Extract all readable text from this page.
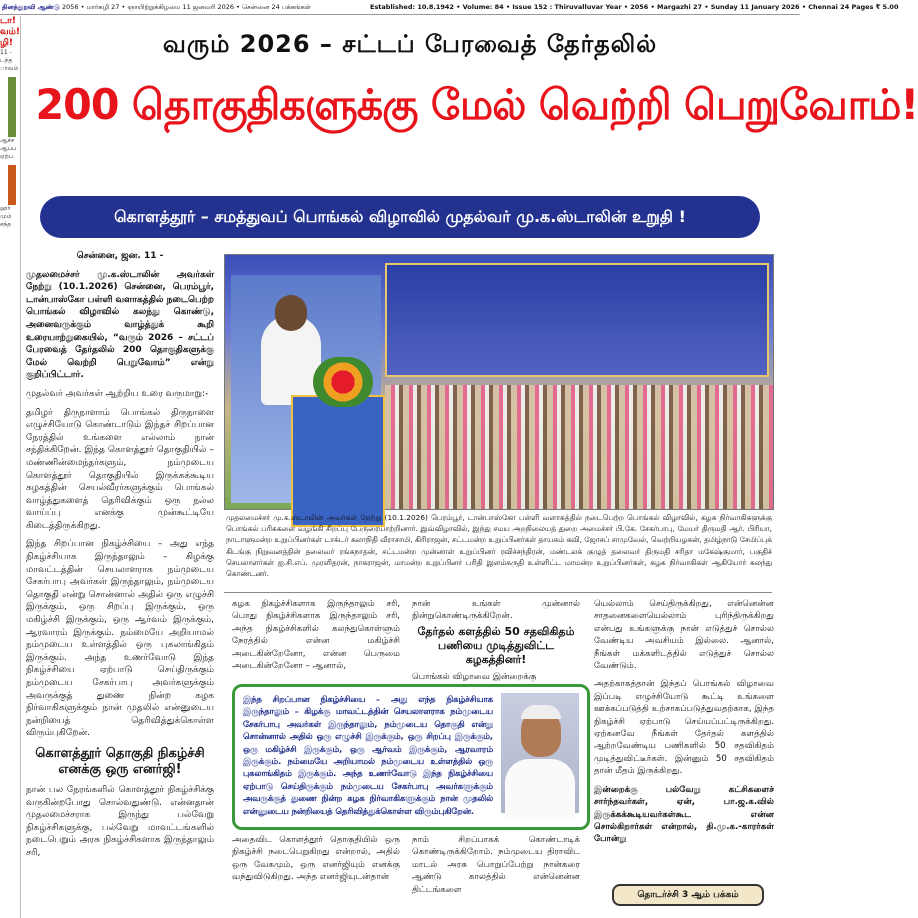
தினத்துறவி ஆண்டு 2056 • மார்கழி 27 • ஞாயிற்றுக்கிழமை 11 ஜனவரி 2026 • சென்னை 24 பக்கங்கள்	Established: 10.8.1942 • Volume: 84 • Issue 152 : Thiruvalluvar Year • 2056 • Margazhi 27 • Sunday 11 January 2026 • Chennai 24 Pages ₹ 5.00
டா!
வம்!
ழி!
11 -
டந்த
ாவம்
ஆச்ச
ஆப்ப
ஏற்ப
ஹர்
மும்
சந்த
வரும் 2026 – சட்டப் பேரவைத் தேர்தலில்
200 தொகுதிகளுக்கு மேல் வெற்றி பெறுவோம்!
கொளத்தூர் – சமத்துவப் பொங்கல் விழாவில் முதல்வர் மு.க.ஸ்டாலின் உறுதி !

சென்னை, ஜன. 11 -

முதலமைச்சர் மு.க.ஸ்டாலின் அவர்கள் நேற்று (10.1.2026) சென்னை, பெரம்பூர், டான்பாஸ்கோ பள்ளி வளாகத்தில் நடைபெற்ற பொங்கல் விழாவில் கலந்து கொண்டு, அனைவருக்கும் வாழ்த்துக் கூறி உரையாற்றுகையில், “வரும் 2026 – சட்டப் பேரவைத் தேர்தலில் 200 தொகுதிகளுக்கு மேல் வெற்றி பெறுவோம்” என்று குறிப்பிட்டார்.

முதல்வர் அவர்கள் ஆற்றிய உரை வருமாறு:-

தமிழர் திருநாளாம் பொங்கல் திருநாளை எழுச்சியோடு கொண்டாடும் இந்தச் சிறப்பான நேரத்தில் உங்களை எல்லாம் நான் சந்திக்கிறேன். இந்த கொளத்தூர் தொகுதியில் – மண்ணின்மைந்தர்களும், நம்முடைய கொளத்தூர் தொகுதியில் இருக்கக்கூடிய கழகத்தின் செயல்வீரர்களுக்கும் பொங்கல் வாழ்த்துகளைத் தெரிவிக்கும் ஒரு நல்ல வாய்ப்பு எனக்கு முன்கூட்டியே கிடைத்திருக்கிறது.

இந்த சிறப்பான நிகழ்ச்சியை – அது எந்த நிகழ்ச்சியாக இருந்தாலும் – கிழக்கு மாவட்டத்தின் செயலாளராக நம்முடைய சேகர்பாபு அவர்கள் இருந்தாலும், நம்முடைய தொகுதி என்று சொன்னால் அதில் ஒரு எழுச்சி இருக்கும், ஒரு சிறப்பு இருக்கும், ஒரு மகிழ்ச்சி இருக்கும், ஒரு ஆர்வம் இருக்கும், ஆரவாரம் இருக்கும். நம்மையே அறியாமல் நம்முடைய உள்ளத்தில் ஒரு புகலாங்கிதம் இருக்கும். அந்த உணர்வோடு இந்த நிகழ்ச்சியை ஏற்பாடு செய்திருக்கும் நம்முடைய சேகர்பாபு அவர்களுக்கும் அவருக்குத் துணை நின்ற கழக நிர்வாகிகளுக்கும் நான் முதலில் என்னுடைய நன்றியைத் தெரிவித்துக்கொள்ள விரும்புகிறேன்.

கொளத்தூர் தொகுதி நிகழ்ச்சி எனக்கு ஒரு எனர்ஜி!

நான் பல நேரங்களில் கொளத்தூர் நிகழ்ச்சிக்கு வருகின்றபோது சொல்வதுண்டு. என்னதான் முதலமைச்சராக இருந்து பல்வேறு நிகழ்ச்சிகளுக்கு, பல்வேறு மாவட்டங்களில் நடைபெறும் அரசு நிகழ்ச்சிகளாக இருந்தாலும் சரி,

முதலமைச்சர் மு.க.ஸ்டாலின் அவர்கள் நேற்று (10.1.2026) பெரம்பூர், டான்பாஸ்கோ பள்ளி வளாகத்தில் நடைபெற்ற பொங்கல் விழாவில், கழக நிர்வாகிகளுக்கு பொங்கல் பரிசுகளை வழங்கி சிறப்பு பேருரையாற்றினார். இவ்விழாவில், இந்து சமய அறநிலையத் துறை அமைச்சர் பி.கே. சேகர்பாபு, மேயர் திருமதி ஆர். பிரியா, நாடாளுமன்ற உறுப்பினர்கள் டாக்டர் கலாநிதி வீராசாமி, கிரிராஜன், சட்டமன்ற உறுப்பினர்கள் தாயகம் கவி, ஜோசப் சாமுவேல், வெற்றியழகன், தமிழ்நாடு சேமிப்புக் கிடங்கு நிறுவனத்தின் தலைவர் ரங்கநாதன், சட்டமன்ற முன்னாள் உறுப்பினர் ரவிச்சந்திரன், மண்டலக் குழுத் தலைவர் திருமதி சரிதா மகேஷ்குமார், பகுதிச் செயலாளர்கள் ஐ.சி.எப். முரளிதரன், நாகராஜன், மாமன்ற உறுப்பினர் பரிதி இளம்சுருதி உள்ளிட்ட மாமன்ற உறுப்பினர்கள், கழக நிர்வாகிகள் ஆகியோர் கலந்து கொண்டனர்.
கழக நிகழ்ச்சிகளாக இருந்தாலும் சரி, பொது நிகழ்ச்சிகளாக இருந்தாலும் சரி, அந்த நிகழ்ச்சிகளில் கலந்துகொள்ளும் நேரத்தில் என்ன மகிழ்ச்சி அடைகின்றேனோ, என்ன பெருமை அடைகின்றேனோ – ஆனால்,
நான் உங்கள் முன்னால் நின்றுகொண்டிருக்கிறேன்.
தேர்தல் களத்தில் 50 சதவிகிதம் பணியை முடித்துவிட்ட கழகத்தினர்!
பொங்கல் விழாவை இன்றைக்கு

யெல்லாம் செய்திருக்கிறது, என்னென்ன சாதனைகளையெல்லாம் புரிந்திருக்கிறது என்பது உங்களுக்கு நான் எடுத்துச் சொல்ல வேண்டிய அவசியம் இல்லை. ஆனால், நீங்கள் மக்களிடத்தில் எடுத்துச் சொல்ல வேண்டும்.

அதற்காகத்தான் இந்தப் பொங்கல் விழாவை இப்படி எழுச்சியோடு கூட்டி உங்களை ஊக்கப்படுத்தி உற்சாகப்படுத்துவதற்காக, இந்த நிகழ்ச்சி ஏற்பாடு செய்யப்பட்டிருக்கிறது. ஏற்கனவே நீங்கள் தேர்தல் களத்தில் ஆற்றவேண்டிய பணிகளில் 50 சதவிகிதம் முடித்துவிட்டீர்கள். இன்னும் 50 சதவிகிதம் தான் மீதம் இருக்கிறது.

இன்றைக்கு பல்வேறு கட்சிகளைச் சார்ந்தவர்கள், ஏன், பா.ஜ.க.வில் இருக்கக்கூடியவர்கள்கூட என்ன சொல்கிறார்கள் என்றால், தி.மு.க.-காரர்கள் போன்று

இந்த சிறப்பான நிகழ்ச்சியை – அது எந்த நிகழ்ச்சியாக இருந்தாலும் – கிழக்கு மாவட்டத்தின் செயலாளராக நம்முடைய சேகர்பாபு அவர்கள் இருந்தாலும், நம்முடைய தொகுதி என்று சொன்னால் அதில் ஒரு எழுச்சி இருக்கும், ஒரு சிறப்பு இருக்கும், ஒரு மகிழ்ச்சி இருக்கும், ஒரு ஆர்வம் இருக்கும், ஆரவாரம் இருக்கும். நம்மையே அறியாமல் நம்முடைய உள்ளத்தில் ஒரு புகலாங்கிதம் இருக்கும். அந்த உணர்வோடு இந்த நிகழ்ச்சியை ஏற்பாடு செய்திருக்கும் நம்முடைய சேகர்பாபு அவர்களுக்கும் அவருக்குத் துணை நின்ற கழக நிர்வாகிகளுக்கும் நான் முதலில் என்னுடைய நன்றியைத் தெரிவித்துக்கொள்ள விரும்புகிறேன்.
அதைவிட கொளத்தூர் தொகுதியில் ஒரு நிகழ்ச்சி நடைபெறுகிறது என்றால், அதில் ஒரு வேகமும், ஒரு எனர்ஜியும் எனக்கு வந்துவிடுகிறது. அந்த எனர்ஜியுடன்தான்
நாம் சிறப்பாகக் கொண்டாடிக் கொண்டிருக்கிறோம். நம்முடைய திராவிட மாடல் அரசு பொறுப்பேற்று நான்கரை ஆண்டு காலத்தில் என்னென்ன திட்டங்களை
தொடர்ச்சி 3 ஆம் பக்கம்
